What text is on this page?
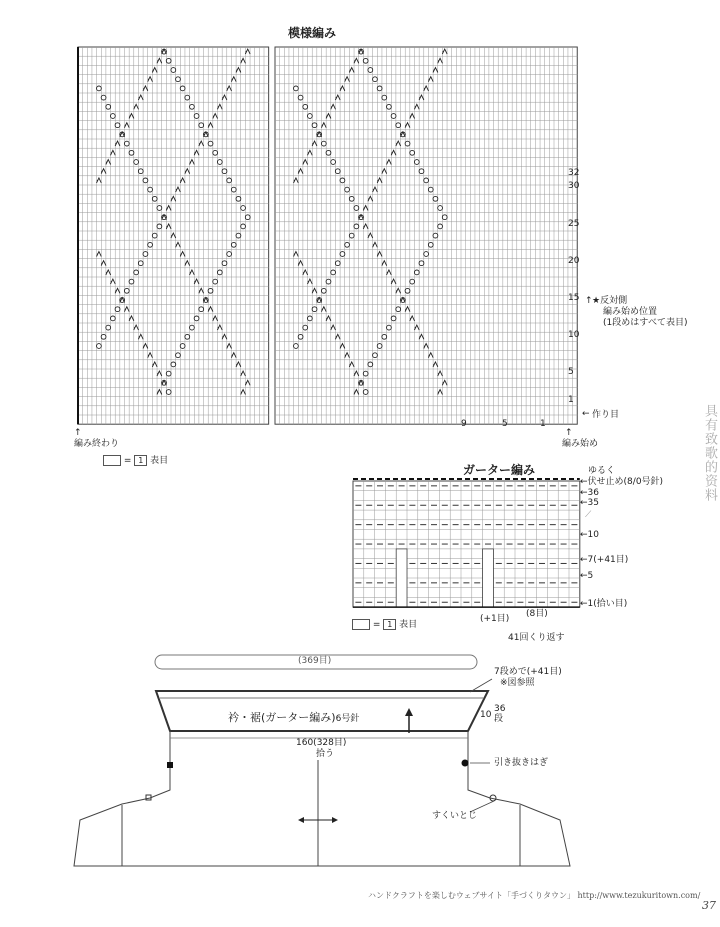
模様編み
32
30
25
20
15
10
5
1
9	5	1
★反対側
編み始め位置
(1段めはすべて表目)
↑
← 作り目
↑
編み終わり
↑
編み始め
= 1 表目
ガーター編み	ゆるく
←伏せ止め(8/0号針)
←36
←35
⟋
←10
←7(+41目)
←5
←1(拾い目)
(+1目) (8目)
41回くり返す
= 1 表目
(369目)
7段めで(+41目)
※図参照
衿・裾(ガーター編み)6号針	10
36段
160(328目)
拾う
引き抜きはぎ
すくいとじ
具有致歌的资料
ハンドクラフトを楽しむウェブサイト「手づくりタウン」 http://www.tezukuritown.com/
37
